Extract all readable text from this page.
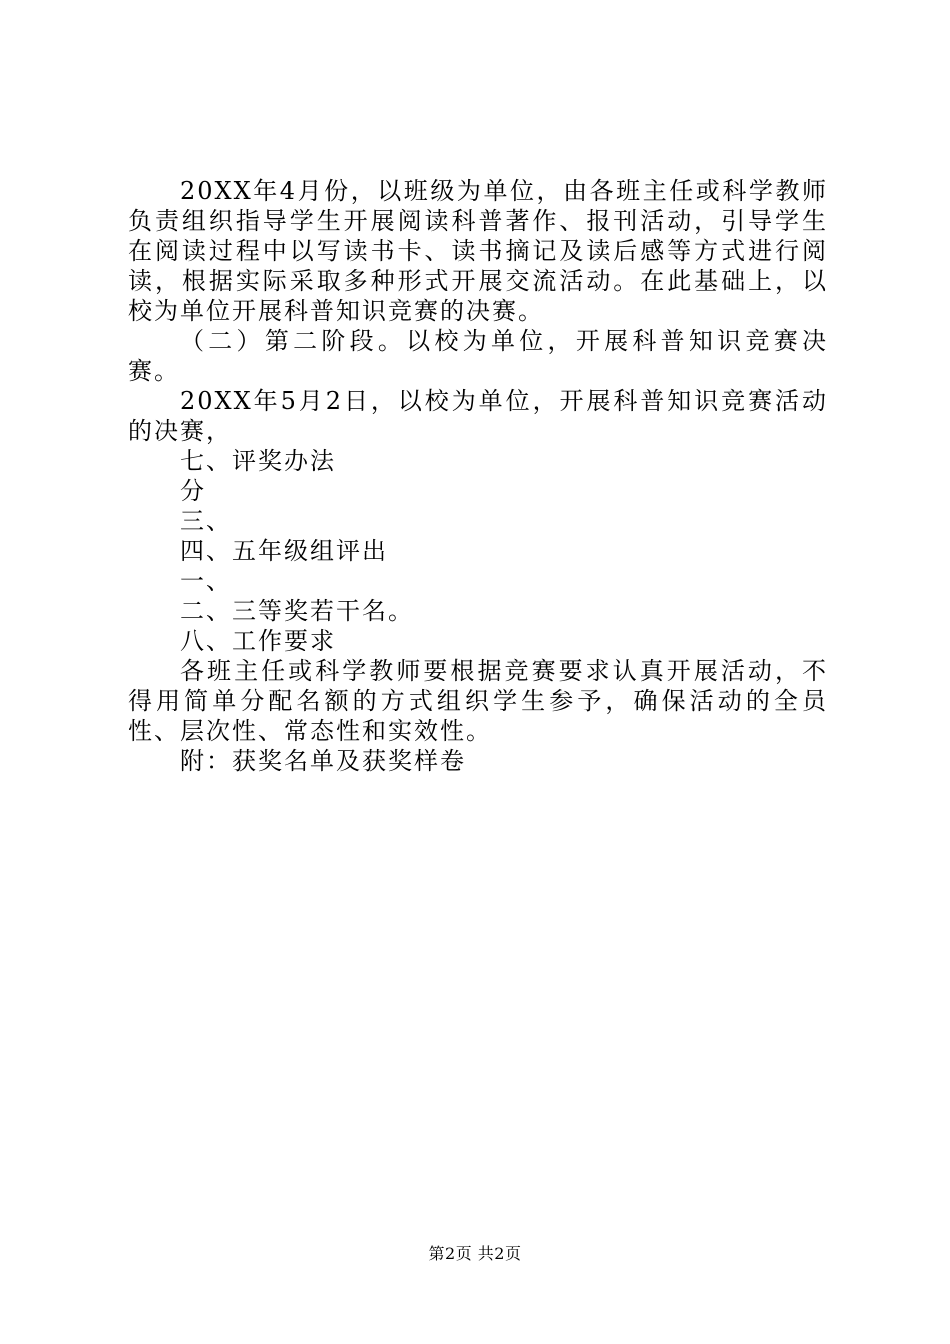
20XX年4月份，以班级为单位，由各班主任或科学教师负责组织指导学生开展阅读科普著作、报刊活动，引导学生在阅读过程中以写读书卡、读书摘记及读后感等方式进行阅读，根据实际采取多种形式开展交流活动。在此基础上，以校为单位开展科普知识竞赛的决赛。

（二）第二阶段。以校为单位，开展科普知识竞赛决赛。

20XX年5月2日，以校为单位，开展科普知识竞赛活动的决赛，

七、评奖办法

分

三、

四、五年级组评出

一、

二、三等奖若干名。

八、工作要求

各班主任或科学教师要根据竞赛要求认真开展活动，不得用简单分配名额的方式组织学生参予，确保活动的全员性、层次性、常态性和实效性。

附：获奖名单及获奖样卷

第2页 共2页
